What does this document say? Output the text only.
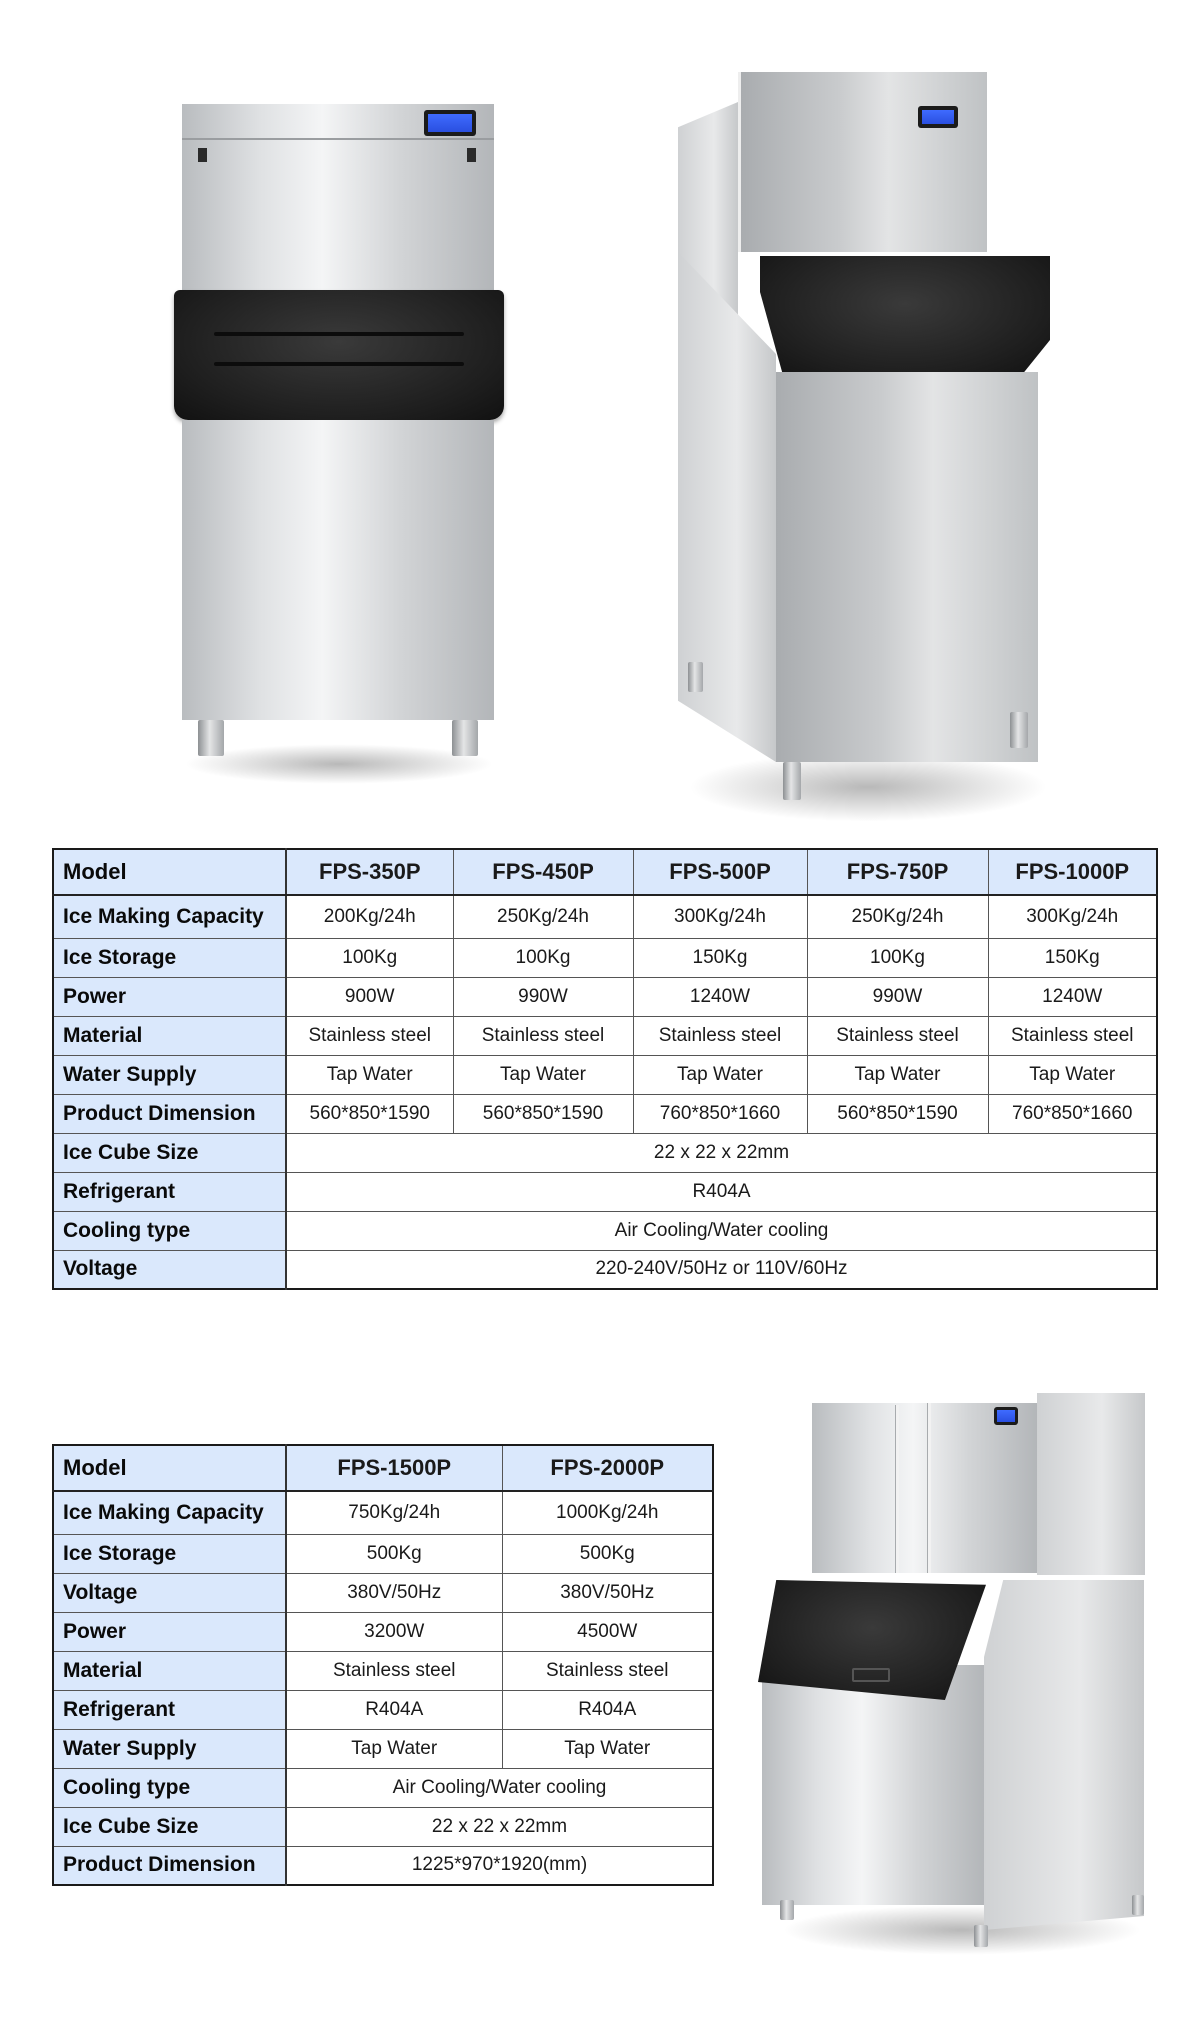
Model	FPS-350P	FPS-450P	FPS-500P	FPS-750P	FPS-1000P
Ice Making Capacity	200Kg/24h	250Kg/24h	300Kg/24h	250Kg/24h	300Kg/24h
Ice Storage	100Kg	100Kg	150Kg	100Kg	150Kg
Power	900W	990W	1240W	990W	1240W
Material	Stainless steel	Stainless steel	Stainless steel	Stainless steel	Stainless steel
Water Supply	Tap Water	Tap Water	Tap Water	Tap Water	Tap Water
Product Dimension	560*850*1590	560*850*1590	760*850*1660	560*850*1590	760*850*1660
Ice Cube Size	22 x 22 x 22mm				
Refrigerant	R404A				
Cooling type	Air Cooling/Water cooling				
Voltage	220-240V/50Hz or 110V/60Hz				
Model	FPS-1500P	FPS-2000P
Ice Making Capacity	750Kg/24h	1000Kg/24h
Ice Storage	500Kg	500Kg
Voltage	380V/50Hz	380V/50Hz
Power	3200W	4500W
Material	Stainless steel	Stainless steel
Refrigerant	R404A	R404A
Water Supply	Tap Water	Tap Water
Cooling type	Air Cooling/Water cooling	
Ice Cube Size	22 x 22 x 22mm	
Product Dimension	1225*970*1920(mm)	
